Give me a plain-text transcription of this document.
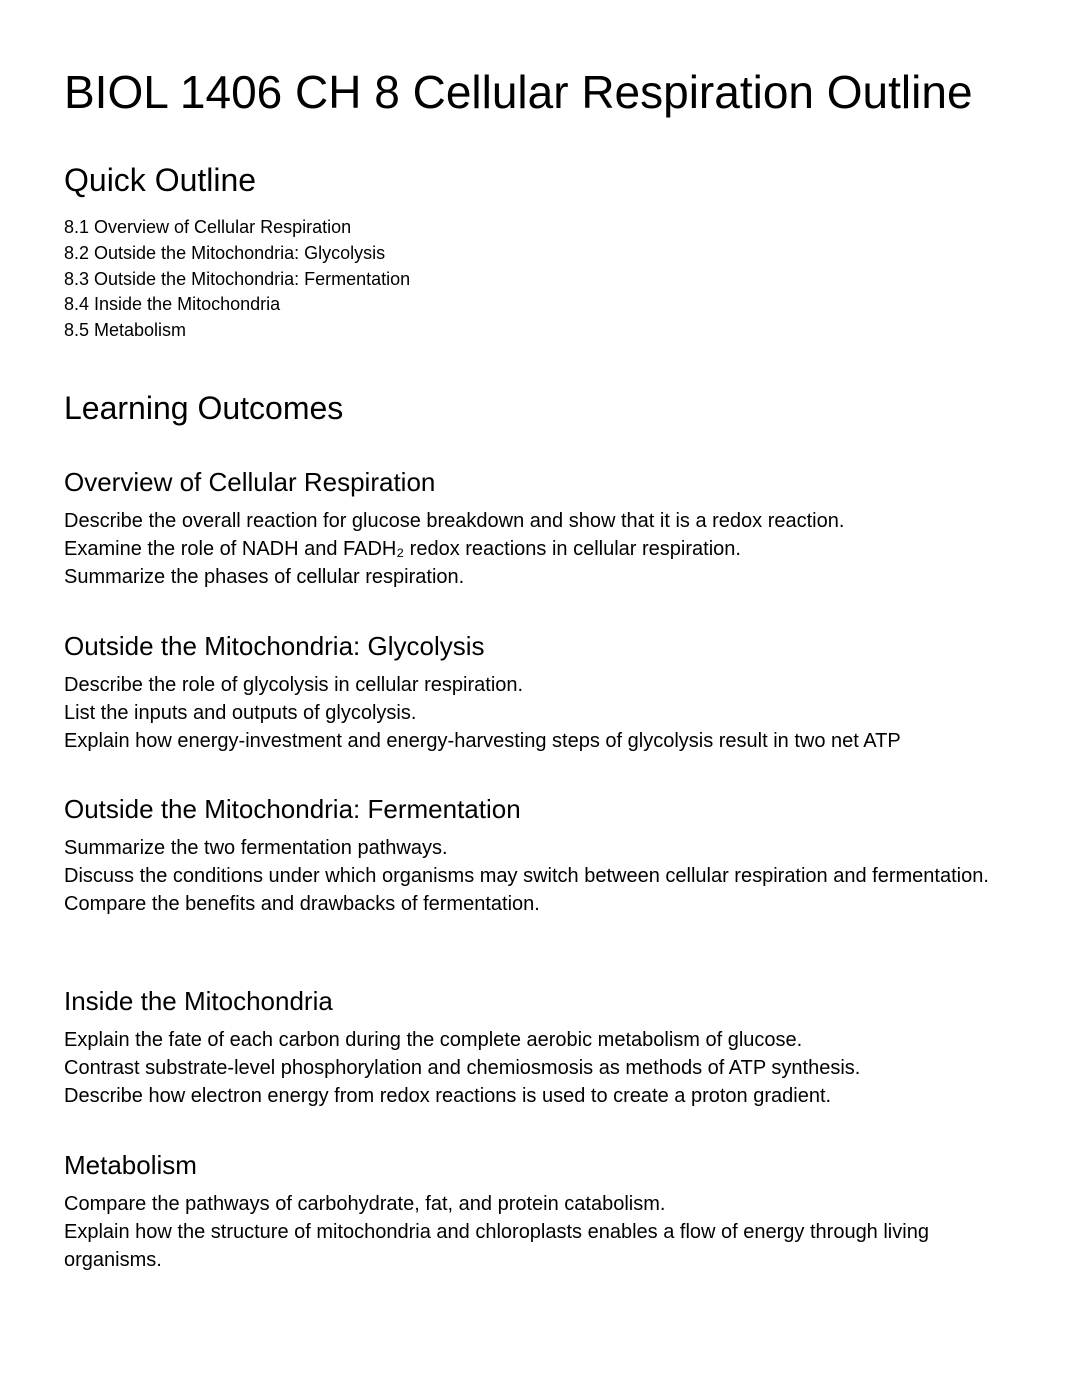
BIOL 1406 CH 8 Cellular Respiration Outline
Quick Outline
8.1 Overview of Cellular Respiration
8.2 Outside the Mitochondria: Glycolysis
8.3 Outside the Mitochondria: Fermentation
8.4 Inside the Mitochondria
8.5 Metabolism
Learning Outcomes
Overview of Cellular Respiration
Describe the overall reaction for glucose breakdown and show that it is a redox reaction.
Examine the role of NADH and FADH₂ redox reactions in cellular respiration.
Summarize the phases of cellular respiration.
Outside the Mitochondria: Glycolysis
Describe the role of glycolysis in cellular respiration.
List the inputs and outputs of glycolysis.
Explain how energy-investment and energy-harvesting steps of glycolysis result in two net ATP
Outside the Mitochondria: Fermentation
Summarize the two fermentation pathways.
Discuss the conditions under which organisms may switch between cellular respiration and fermentation.
Compare the benefits and drawbacks of fermentation.
Inside the Mitochondria
Explain the fate of each carbon during the complete aerobic metabolism of glucose.
Contrast substrate-level phosphorylation and chemiosmosis as methods of ATP synthesis.
Describe how electron energy from redox reactions is used to create a proton gradient.
Metabolism
Compare the pathways of carbohydrate, fat, and protein catabolism.
Explain how the structure of mitochondria and chloroplasts enables a flow of energy through living organisms.
